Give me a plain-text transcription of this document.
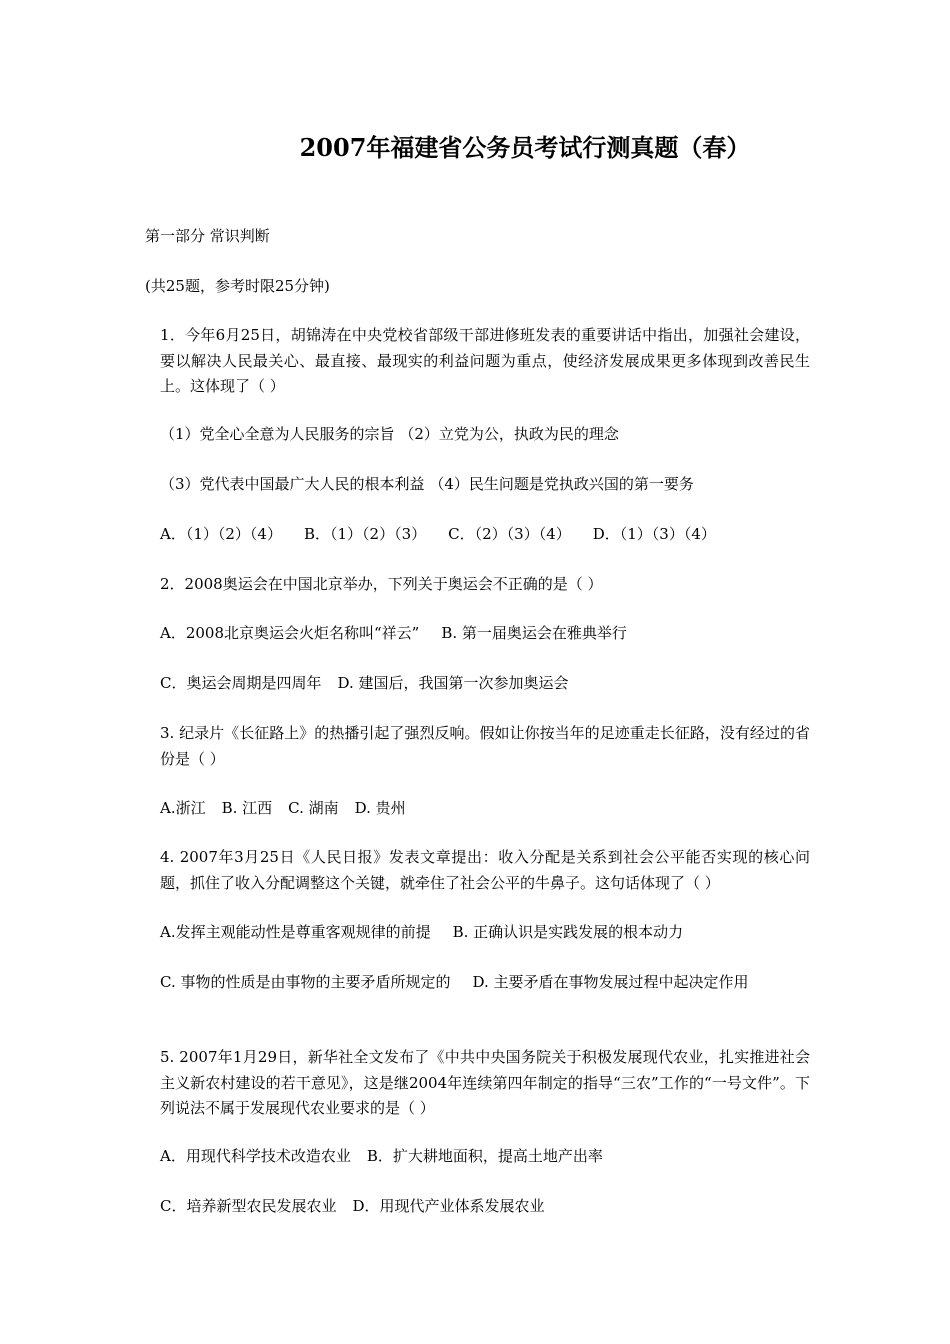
2007年福建省公务员考试行测真题（春）
第一部分 常识判断
(共25题，参考时限25分钟)
1．今年6月25日，胡锦涛在中央党校省部级干部进修班发表的重要讲话中指出，加强社会建设，要以解决人民最关心、最直接、最现实的利益问题为重点，使经济发展成果更多体现到改善民生上。这体现了（ ）
（1）党全心全意为人民服务的宗旨 （2）立党为公，执政为民的理念
（3）党代表中国最广大人民的根本利益 （4）民生问题是党执政兴国的第一要务
A．（1）（2）（4） B．（1）（2）（3） C．（2）（3）（4） D．（1）（3）（4）
2．2008奥运会在中国北京举办，下列关于奥运会不正确的是（ ）
A．2008北京奥运会火炬名称叫“祥云” B. 第一届奥运会在雅典举行
C．奥运会周期是四周年 D. 建国后，我国第一次参加奥运会
3. 纪录片《长征路上》的热播引起了强烈反响。假如让你按当年的足迹重走长征路，没有经过的省份是（ ）
A.浙江 B. 江西 C. 湖南 D. 贵州
4. 2007年3月25日《人民日报》发表文章提出：收入分配是关系到社会公平能否实现的核心问题，抓住了收入分配调整这个关键，就牵住了社会公平的牛鼻子。这句话体现了（ ）
A.发挥主观能动性是尊重客观规律的前提 B. 正确认识是实践发展的根本动力
C. 事物的性质是由事物的主要矛盾所规定的 D. 主要矛盾在事物发展过程中起决定作用
5. 2007年1月29日，新华社全文发布了《中共中央国务院关于积极发展现代农业，扎实推进社会主义新农村建设的若干意见》，这是继2004年连续第四年制定的指导“三农”工作的“一号文件”。下列说法不属于发展现代农业要求的是（ ）
A．用现代科学技术改造农业 B．扩大耕地面积，提高土地产出率
C．培养新型农民发展农业 D．用现代产业体系发展农业
